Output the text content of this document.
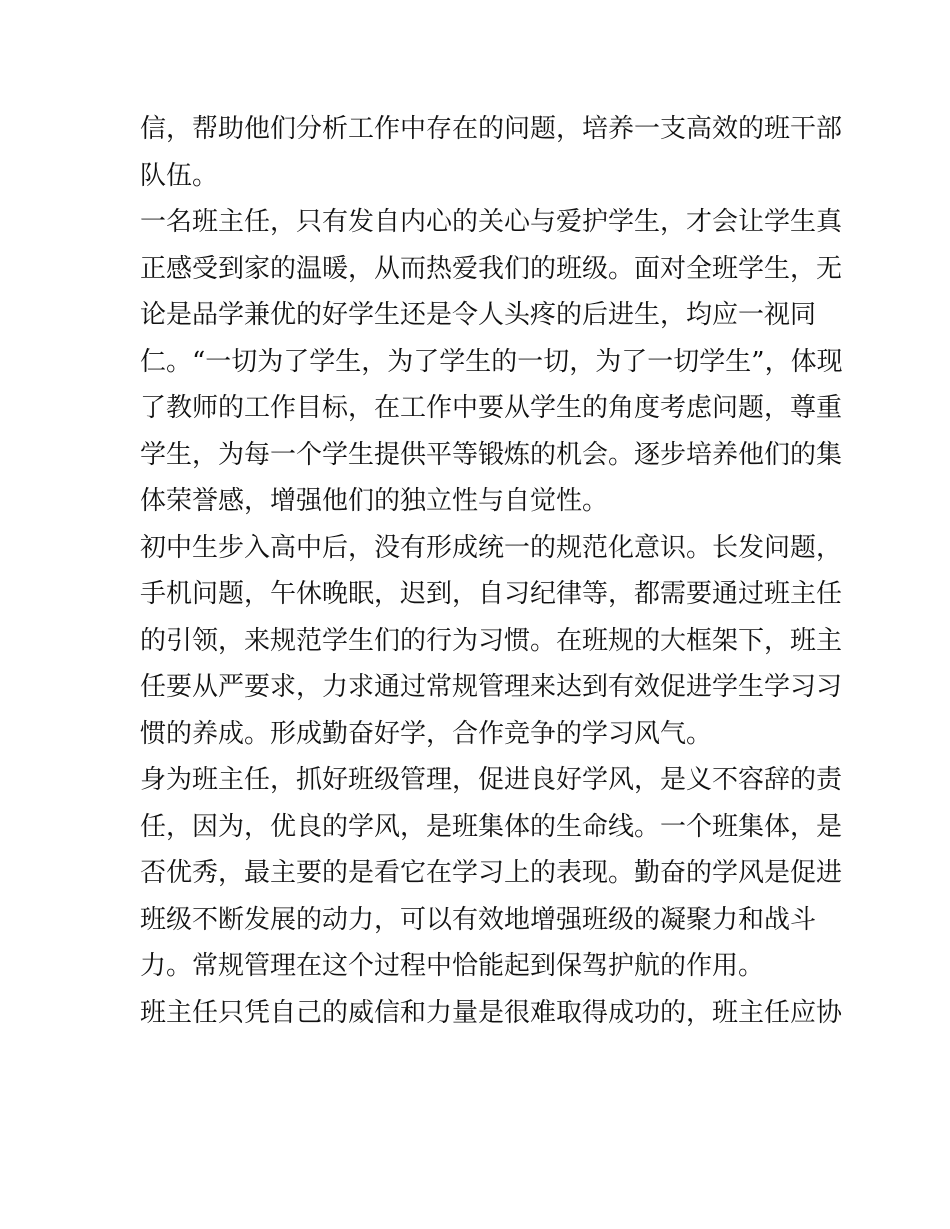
信，帮助他们分析工作中存在的问题，培养一支高效的班干部
队伍。
一名班主任，只有发自内心的关心与爱护学生，才会让学生真
正感受到家的温暖，从而热爱我们的班级。面对全班学生，无
论是品学兼优的好学生还是令人头疼的后进生，均应一视同
仁。“一切为了学生，为了学生的一切，为了一切学生”，体现
了教师的工作目标，在工作中要从学生的角度考虑问题，尊重
学生，为每一个学生提供平等锻炼的机会。逐步培养他们的集
体荣誉感，增强他们的独立性与自觉性。
初中生步入高中后，没有形成统一的规范化意识。长发问题，
手机问题，午休晚眠，迟到，自习纪律等，都需要通过班主任
的引领，来规范学生们的行为习惯。在班规的大框架下，班主
任要从严要求，力求通过常规管理来达到有效促进学生学习习
惯的养成。形成勤奋好学，合作竞争的学习风气。
身为班主任，抓好班级管理，促进良好学风，是义不容辞的责
任，因为，优良的学风，是班集体的生命线。一个班集体，是
否优秀，最主要的是看它在学习上的表现。勤奋的学风是促进
班级不断发展的动力，可以有效地增强班级的凝聚力和战斗
力。常规管理在这个过程中恰能起到保驾护航的作用。
班主任只凭自己的威信和力量是很难取得成功的，班主任应协
